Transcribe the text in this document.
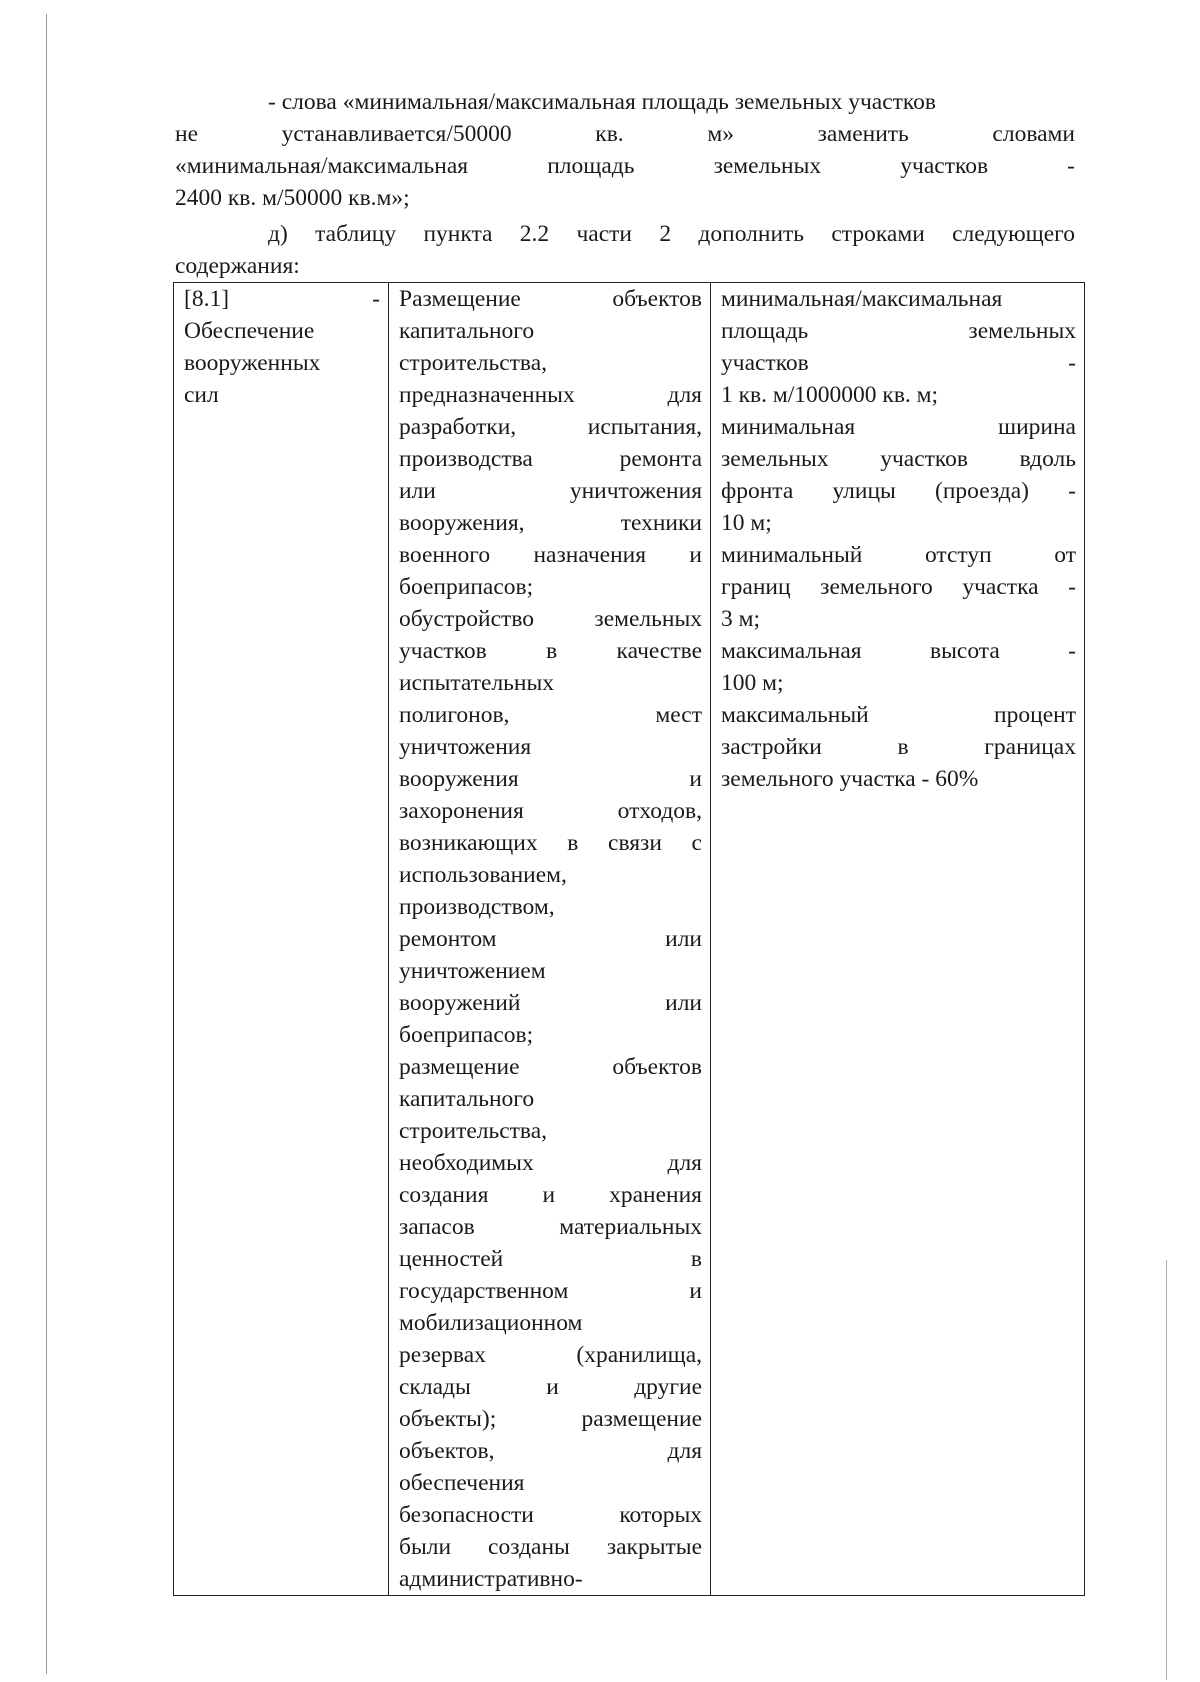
- слова «минимальная/максимальная площадь земельных участков
не устанавливается/50000 кв. м» заменить словами
«минимальная/максимальная площадь земельных участков -
2400 кв. м/50000 кв.м»;
д) таблицу пункта 2.2 части 2 дополнить строками следующего
содержания:
[8.1] -
Обеспечение
вооруженных
сил

Размещение объектов
капитального
строительства,
предназначенных для
разработки, испытания,
производства ремонта
или уничтожения
вооружения, техники
военного назначения и
боеприпасов;
обустройство земельных
участков в качестве
испытательных
полигонов, мест
уничтожения
вооружения и
захоронения отходов,
возникающих в связи с
использованием,
производством,
ремонтом или
уничтожением
вооружений или
боеприпасов;
размещение объектов
капитального
строительства,
необходимых для
создания и хранения
запасов материальных
ценностей в
государственном и
мобилизационном
резервах (хранилища,
склады и другие
объекты); размещение
объектов, для
обеспечения
безопасности которых
были созданы закрытые
административно-

минимальная/максимальная
площадь земельных
участков -
1 кв. м/1000000 кв. м;
минимальная ширина
земельных участков вдоль
фронта улицы (проезда) -
10 м;
минимальный отступ от
границ земельного участка -
3 м;
максимальная высота -
100 м;
максимальный процент
застройки в границах
земельного участка - 60%
